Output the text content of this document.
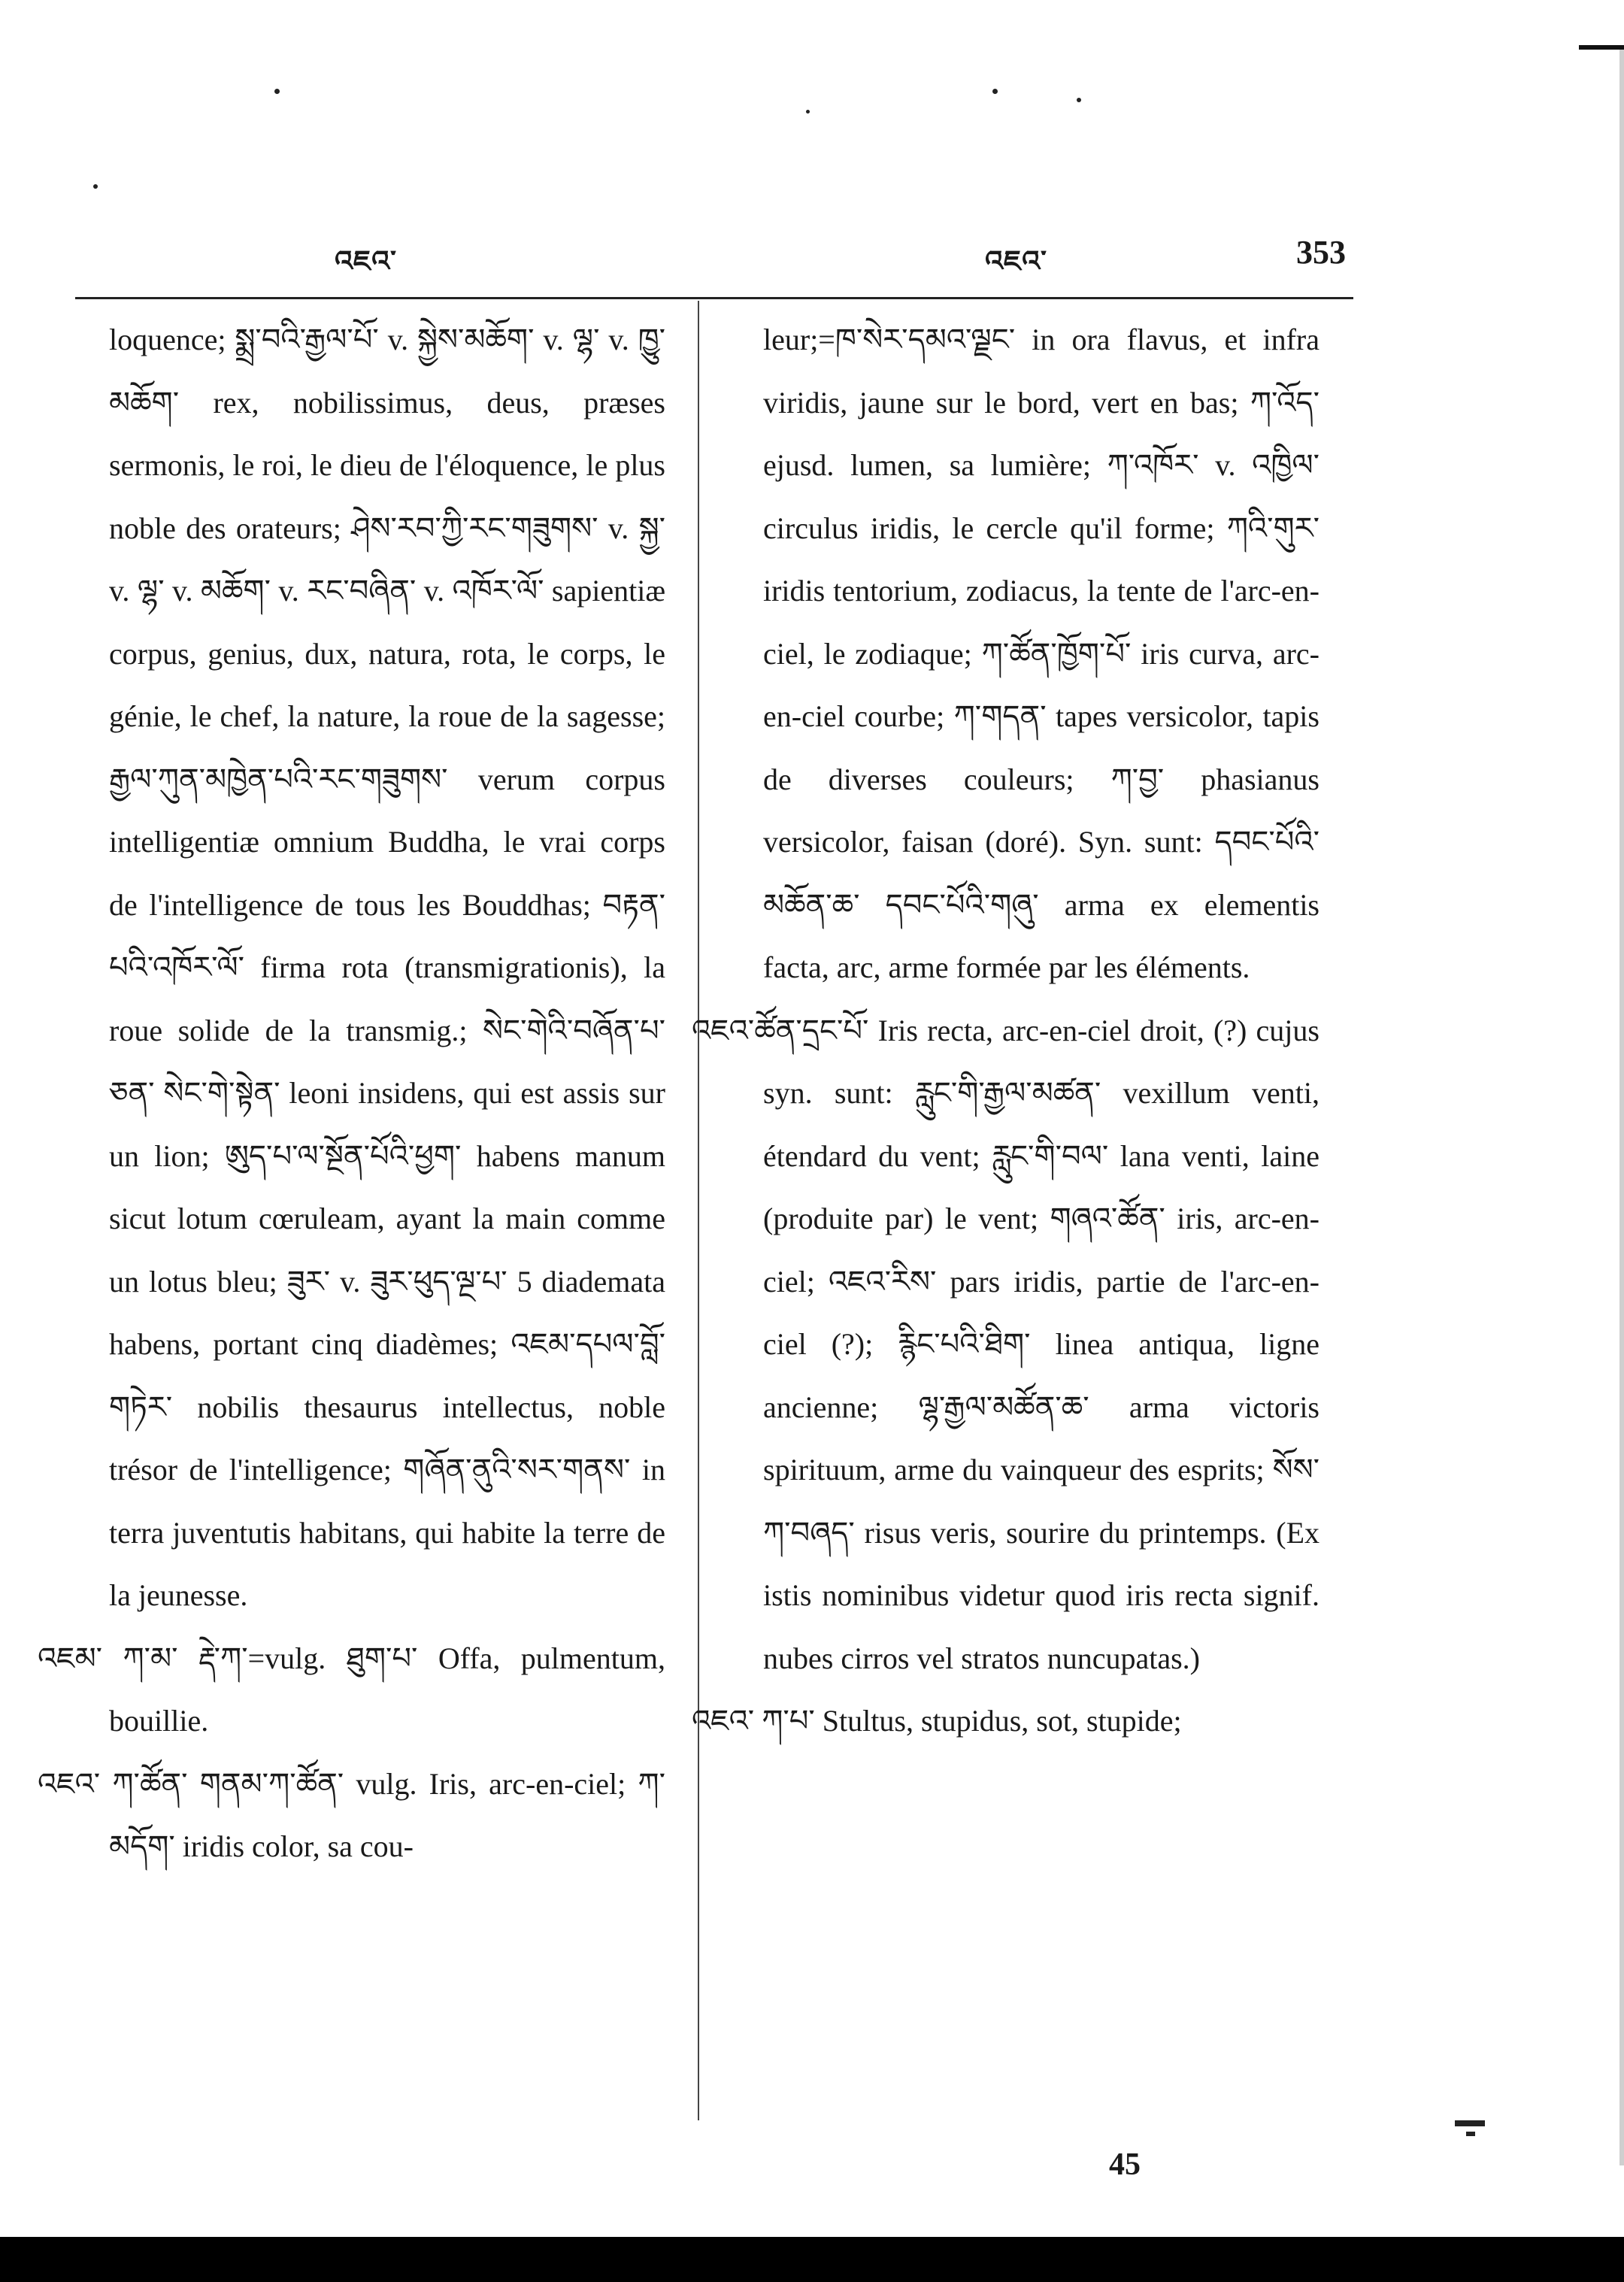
འཇའ་	འཇའ་	353

loquence; སྨྲ་བའི་རྒྱལ་པོ་ v. སྐྱེས་མཆོག་ v. ལྷ་ v. ཁྱུ་མཆོག་ rex, nobilissimus, deus, præses sermonis, le roi, le dieu de l'éloquence, le plus noble des orateurs; ཤེས་རབ་ཀྱི་རང་གཟུགས་ v. སྐྱ་ v. ལྷ་ v. མཆོག་ v. རང་བཞིན་ v. འཁོར་ལོ་ sapientiæ corpus, genius, dux, natura, rota, le corps, le génie, le chef, la nature, la roue de la sagesse; རྒྱལ་ཀུན་མཁྱེན་པའི་རང་གཟུགས་ verum corpus intelligentiæ omnium Buddha, le vrai corps de l'intelligence de tous les Bouddhas; བརྟན་པའི་འཁོར་ལོ་ firma rota (transmigrationis), la roue solide de la transmig.; སེང་གེའི་བཞོན་པ་ཅན་ སེང་གེ་སྟེན་ leoni insidens, qui est assis sur un lion; ཨུད་པ་ལ་སྔོན་པོའི་ཕྱག་ habens manum sicut lotum cœruleam, ayant la main comme un lotus bleu; ཟུར་ v. ཟུར་ཕུད་ལྔ་པ་ 5 diademata habens, portant cinq diadèmes; འཇམ་དཔལ་བློ་གཏེར་ nobilis thesaurus intellectus, noble trésor de l'intelligence; གཞོན་ནུའི་སར་གནས་ in terra juventutis habitans, qui habite la terre de la jeunesse.

འཇམ་ ཀ་མ་ རྡེ་ཀ་=vulg. ཐུག་པ་ Offa, pulmentum, bouillie.

འཇའ་ ཀ་ཚོན་ གནམ་ཀ་ཚོན་ vulg. Iris, arc-en-ciel; ཀ་མདོག་ iridis color, sa cou-

leur;=ཁ་སེར་དམའ་ལྗང་ in ora flavus, et infra viridis, jaune sur le bord, vert en bas; ཀ་འོད་ ejusd. lumen, sa lumière; ཀ་འཁོར་ v. འཁྱིལ་ circulus iridis, le cercle qu'il forme; ཀའི་གུར་ iridis tentorium, zodiacus, la tente de l'arc-en-ciel, le zodiaque; ཀ་ཚོན་ཁྱོག་པོ་ iris curva, arc-en-ciel courbe; ཀ་གདན་ tapes versicolor, tapis de diverses couleurs; ཀ་བྱ་ phasianus versicolor, faisan (doré). Syn. sunt: དབང་པོའི་མཆོན་ཆ་ དབང་པོའི་གཞུ་ arma ex elementis facta, arc, arme formée par les éléments.

འཇའ་ཚོན་དྲང་པོ་ Iris recta, arc-en-ciel droit, (?) cujus syn. sunt: རླུང་གི་རྒྱལ་མཚན་ vexillum venti, étendard du vent; རླུང་གི་བལ་ lana venti, laine (produite par) le vent; གཞའ་ཚོན་ iris, arc-en-ciel; འཇའ་རིས་ pars iridis, partie de l'arc-en-ciel (?); རྙིང་པའི་ཐིག་ linea antiqua, ligne ancienne; ལྷ་རྒྱལ་མཚོན་ཆ་ arma victoris spirituum, arme du vainqueur des esprits; སོས་ཀ་བཞད་ risus veris, sourire du printemps. (Ex istis nominibus videtur quod iris recta signif. nubes cirros vel stratos nuncupatas.)

འཇའ་ ཀ་པ་ Stultus, stupidus, sot, stupide;

45
